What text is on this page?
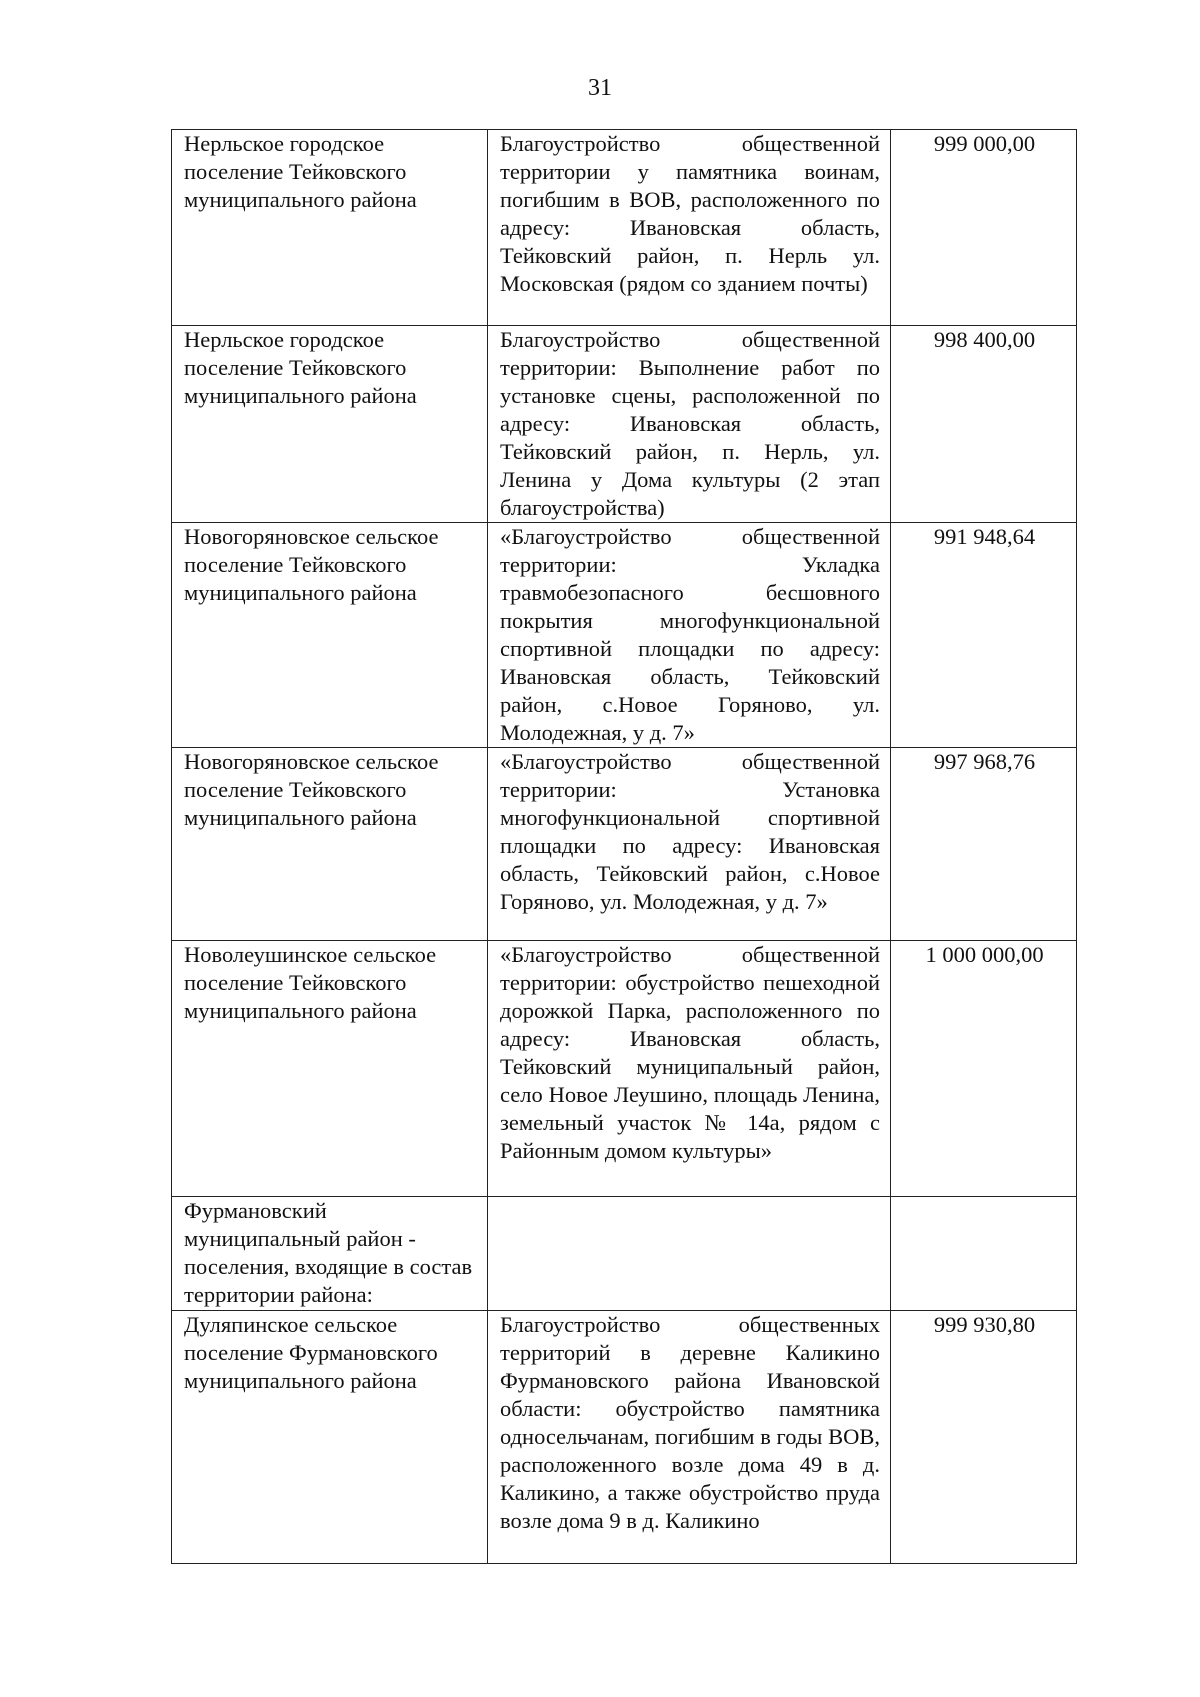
31
Нерльское городское поселение Тейковского муниципального района	Благоустройство общественной территории у памятника воинам, погибшим в ВОВ, расположенного по адресу: Ивановская область, Тейковский район, п. Нерль ул. Московская (рядом со зданием почты)	999 000,00
Нерльское городское поселение Тейковского муниципального района	Благоустройство общественной территории: Выполнение работ по установке сцены, расположенной по адресу: Ивановская область, Тейковский район, п. Нерль, ул. Ленина у Дома культуры (2 этап благоустройства)	998 400,00
Новогоряновское сельское поселение Тейковского муниципального района	«Благоустройство общественной территории: Укладка травмобезопасного бесшовного покрытия многофункциональной спортивной площадки по адресу: Ивановская область, Тейковский район, с.Новое Горяново, ул. Молодежная, у д. 7»	991 948,64
Новогоряновское сельское поселение Тейковского муниципального района	«Благоустройство общественной территории: Установка многофункциональной спортивной площадки по адресу: Ивановская область, Тейковский район, с.Новое Горяново, ул. Молодежная, у д. 7»	997 968,76
Новолеушинское сельское поселение Тейковского муниципального района	«Благоустройство общественной территории: обустройство пешеходной дорожкой Парка, расположенного по адресу: Ивановская область, Тейковский муниципальный район, село Новое Леушино, площадь Ленина, земельный участок № 14а, рядом с Районным домом культуры»	1 000 000,00
Фурмановский муниципальный район - поселения, входящие в состав территории района:		
Дуляпинское сельское поселение Фурмановского муниципального района	Благоустройство общественных территорий в деревне Каликино Фурмановского района Ивановской области: обустройство памятника односельчанам, погибшим в годы ВОВ, расположенного возле дома 49 в д. Каликино, а также обустройство пруда возле дома 9 в д. Каликино	999 930,80
